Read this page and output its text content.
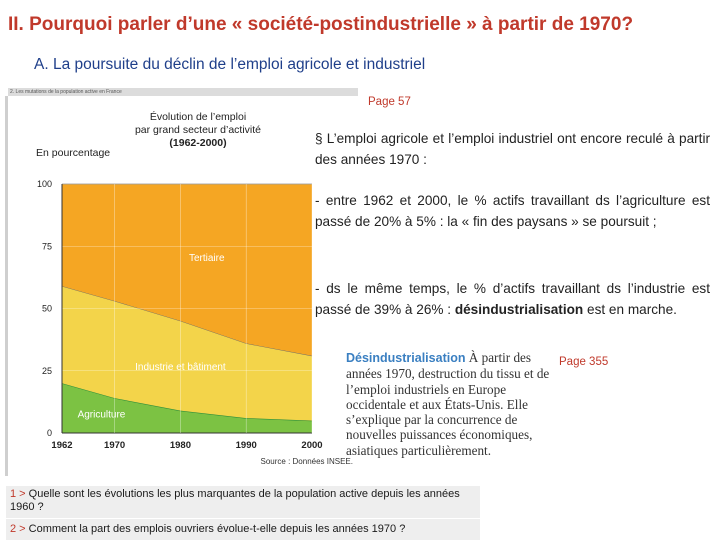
II. Pourquoi parler d’une « société-postindustrielle » à partir de 1970?
A. La poursuite du déclin de l’emploi agricole et industriel
2. Les mutations de la population active en France
Évolution de l’emploi
par grand secteur d’activité
(1962-2000)
En pourcentage
0
25
50
75
100
1962	1970	1980	1990	2000
Agriculture
Industrie et bâtiment
Tertiaire
Source : Données INSEE.
Page 57
§ L’emploi agricole et l’emploi industriel ont encore reculé à partir des années 1970 :
- entre 1962 et 2000, le % actifs travaillant ds l’agriculture est passé de 20% à 5% : la « fin des paysans » se poursuit ;
- ds le même temps, le % d’actifs travaillant ds l’industrie est passé de 39% à 26% : désindustrialisation est en marche.
Désindustrialisation À partir des années 1970, destruction du tissu et de l’emploi industriels en Europe occidentale et aux États-Unis. Elle s’explique par la concurrence de nouvelles puissances économiques, asiatiques particulièrement.
Page 355
1 > Quelle sont les évolutions les plus marquantes de la population active depuis les années 1960 ?
2 > Comment la part des emplois ouvriers évolue-t-elle depuis les années 1970 ?
